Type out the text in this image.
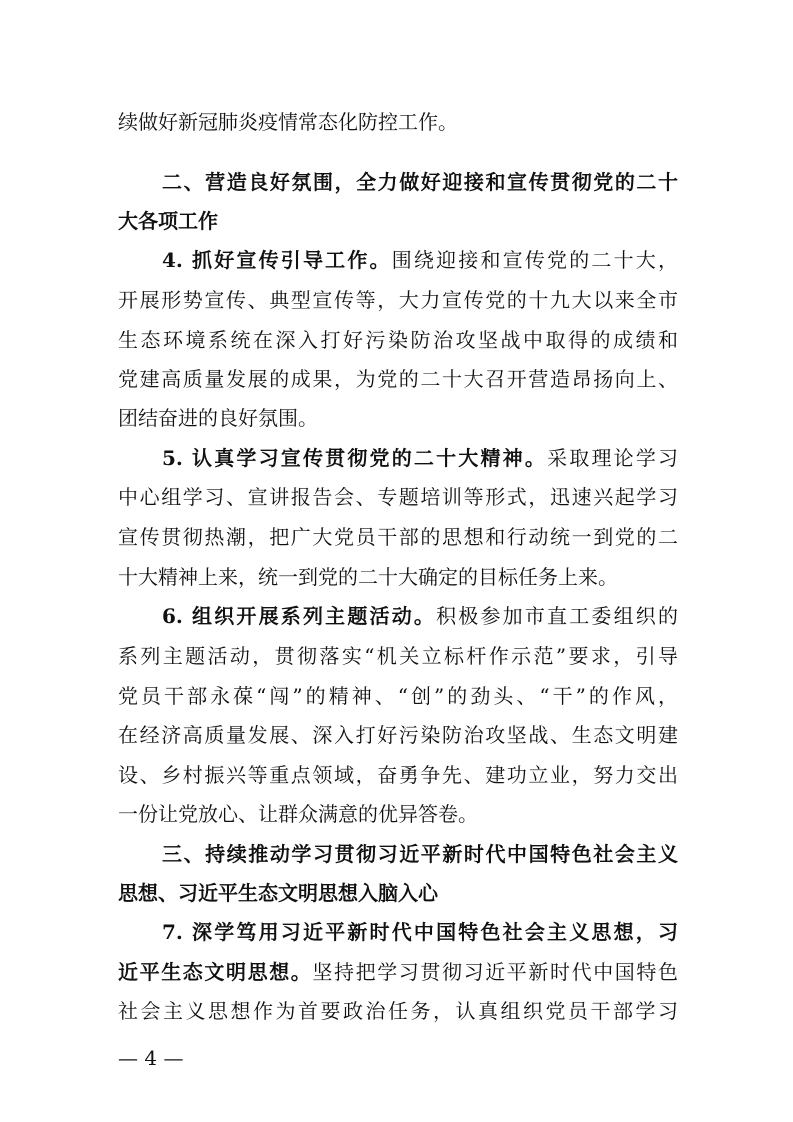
续做好新冠肺炎疫情常态化防控工作。
二、营造良好氛围，全力做好迎接和宣传贯彻党的二十
大各项工作
4. 抓好宣传引导工作。围绕迎接和宣传党的二十大，
开展形势宣传、典型宣传等，大力宣传党的十九大以来全市
生态环境系统在深入打好污染防治攻坚战中取得的成绩和
党建高质量发展的成果，为党的二十大召开营造昂扬向上、
团结奋进的良好氛围。
5. 认真学习宣传贯彻党的二十大精神。采取理论学习
中心组学习、宣讲报告会、专题培训等形式，迅速兴起学习
宣传贯彻热潮，把广大党员干部的思想和行动统一到党的二
十大精神上来，统一到党的二十大确定的目标任务上来。
6. 组织开展系列主题活动。积极参加市直工委组织的
系列主题活动，贯彻落实“机关立标杆作示范”要求，引导
党员干部永葆“闯”的精神、“创”的劲头、“干”的作风，
在经济高质量发展、深入打好污染防治攻坚战、生态文明建
设、乡村振兴等重点领域，奋勇争先、建功立业，努力交出
一份让党放心、让群众满意的优异答卷。
三、持续推动学习贯彻习近平新时代中国特色社会主义
思想、习近平生态文明思想入脑入心
7. 深学笃用习近平新时代中国特色社会主义思想，习
近平生态文明思想。坚持把学习贯彻习近平新时代中国特色
社会主义思想作为首要政治任务，认真组织党员干部学习
— 4 —
